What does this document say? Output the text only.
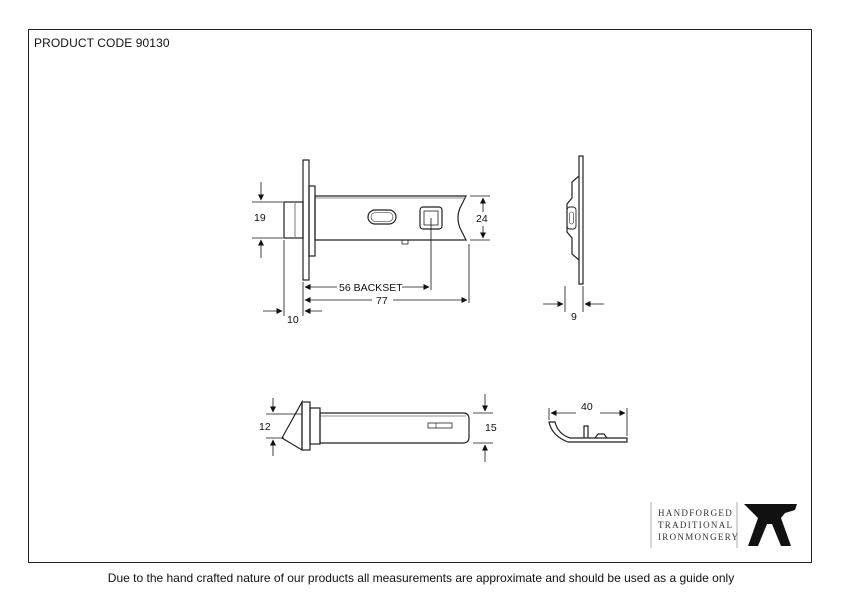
PRODUCT CODE 90130
19	24
56 BACKSET
77
10	9
12	15
40
HANDFORGED
TRADITIONAL
IRONMONGERY
Due to the hand crafted nature of our products all measurements are approximate and should be used as a guide only
